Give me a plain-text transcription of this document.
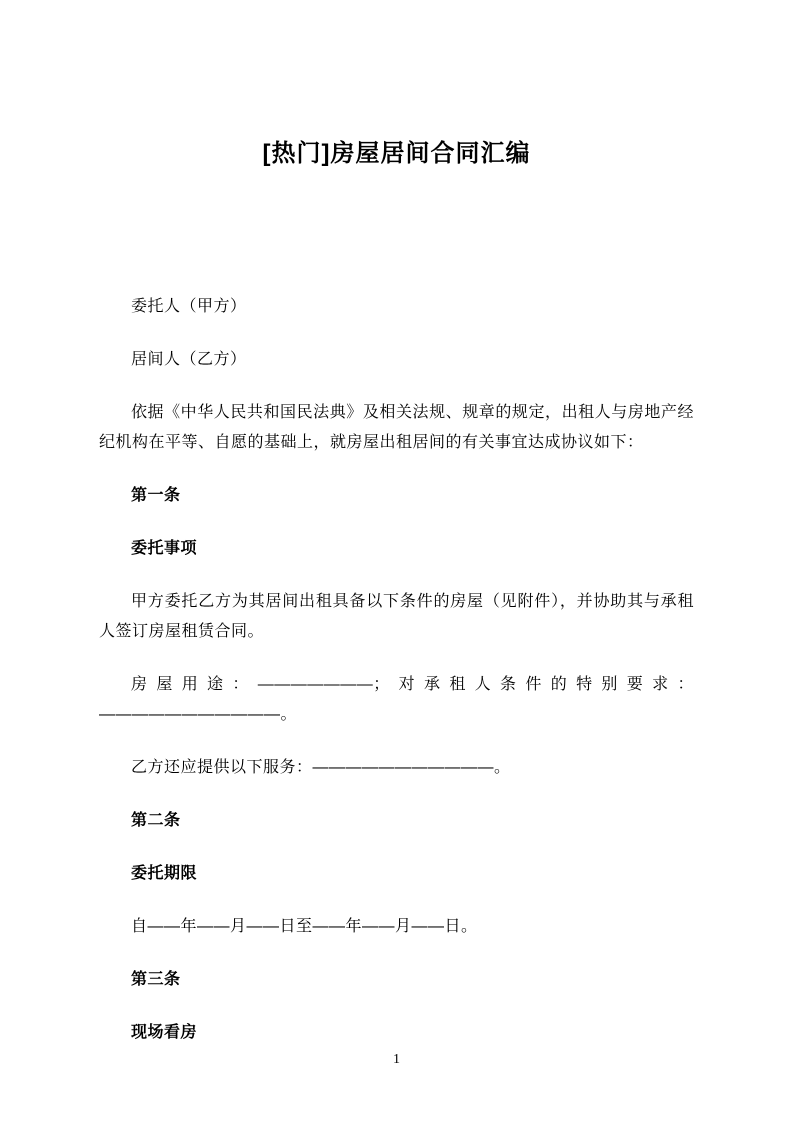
[热门]房屋居间合同汇编

委托人（甲方）

居间人（乙方）

依据《中华人民共和国民法典》及相关法规、规章的规定，出租人与房地产经纪机构在平等、自愿的基础上，就房屋出租居间的有关事宜达成协议如下：

第一条

委托事项

甲方委托乙方为其居间出租具备以下条件的房屋（见附件），并协助其与承租人签订房屋租赁合同。

房屋用途：———————；对承租人条件的特别要求：———————————。

乙方还应提供以下服务：———————————。

第二条

委托期限

自——年——月——日至——年——月——日。

第三条

现场看房

1
